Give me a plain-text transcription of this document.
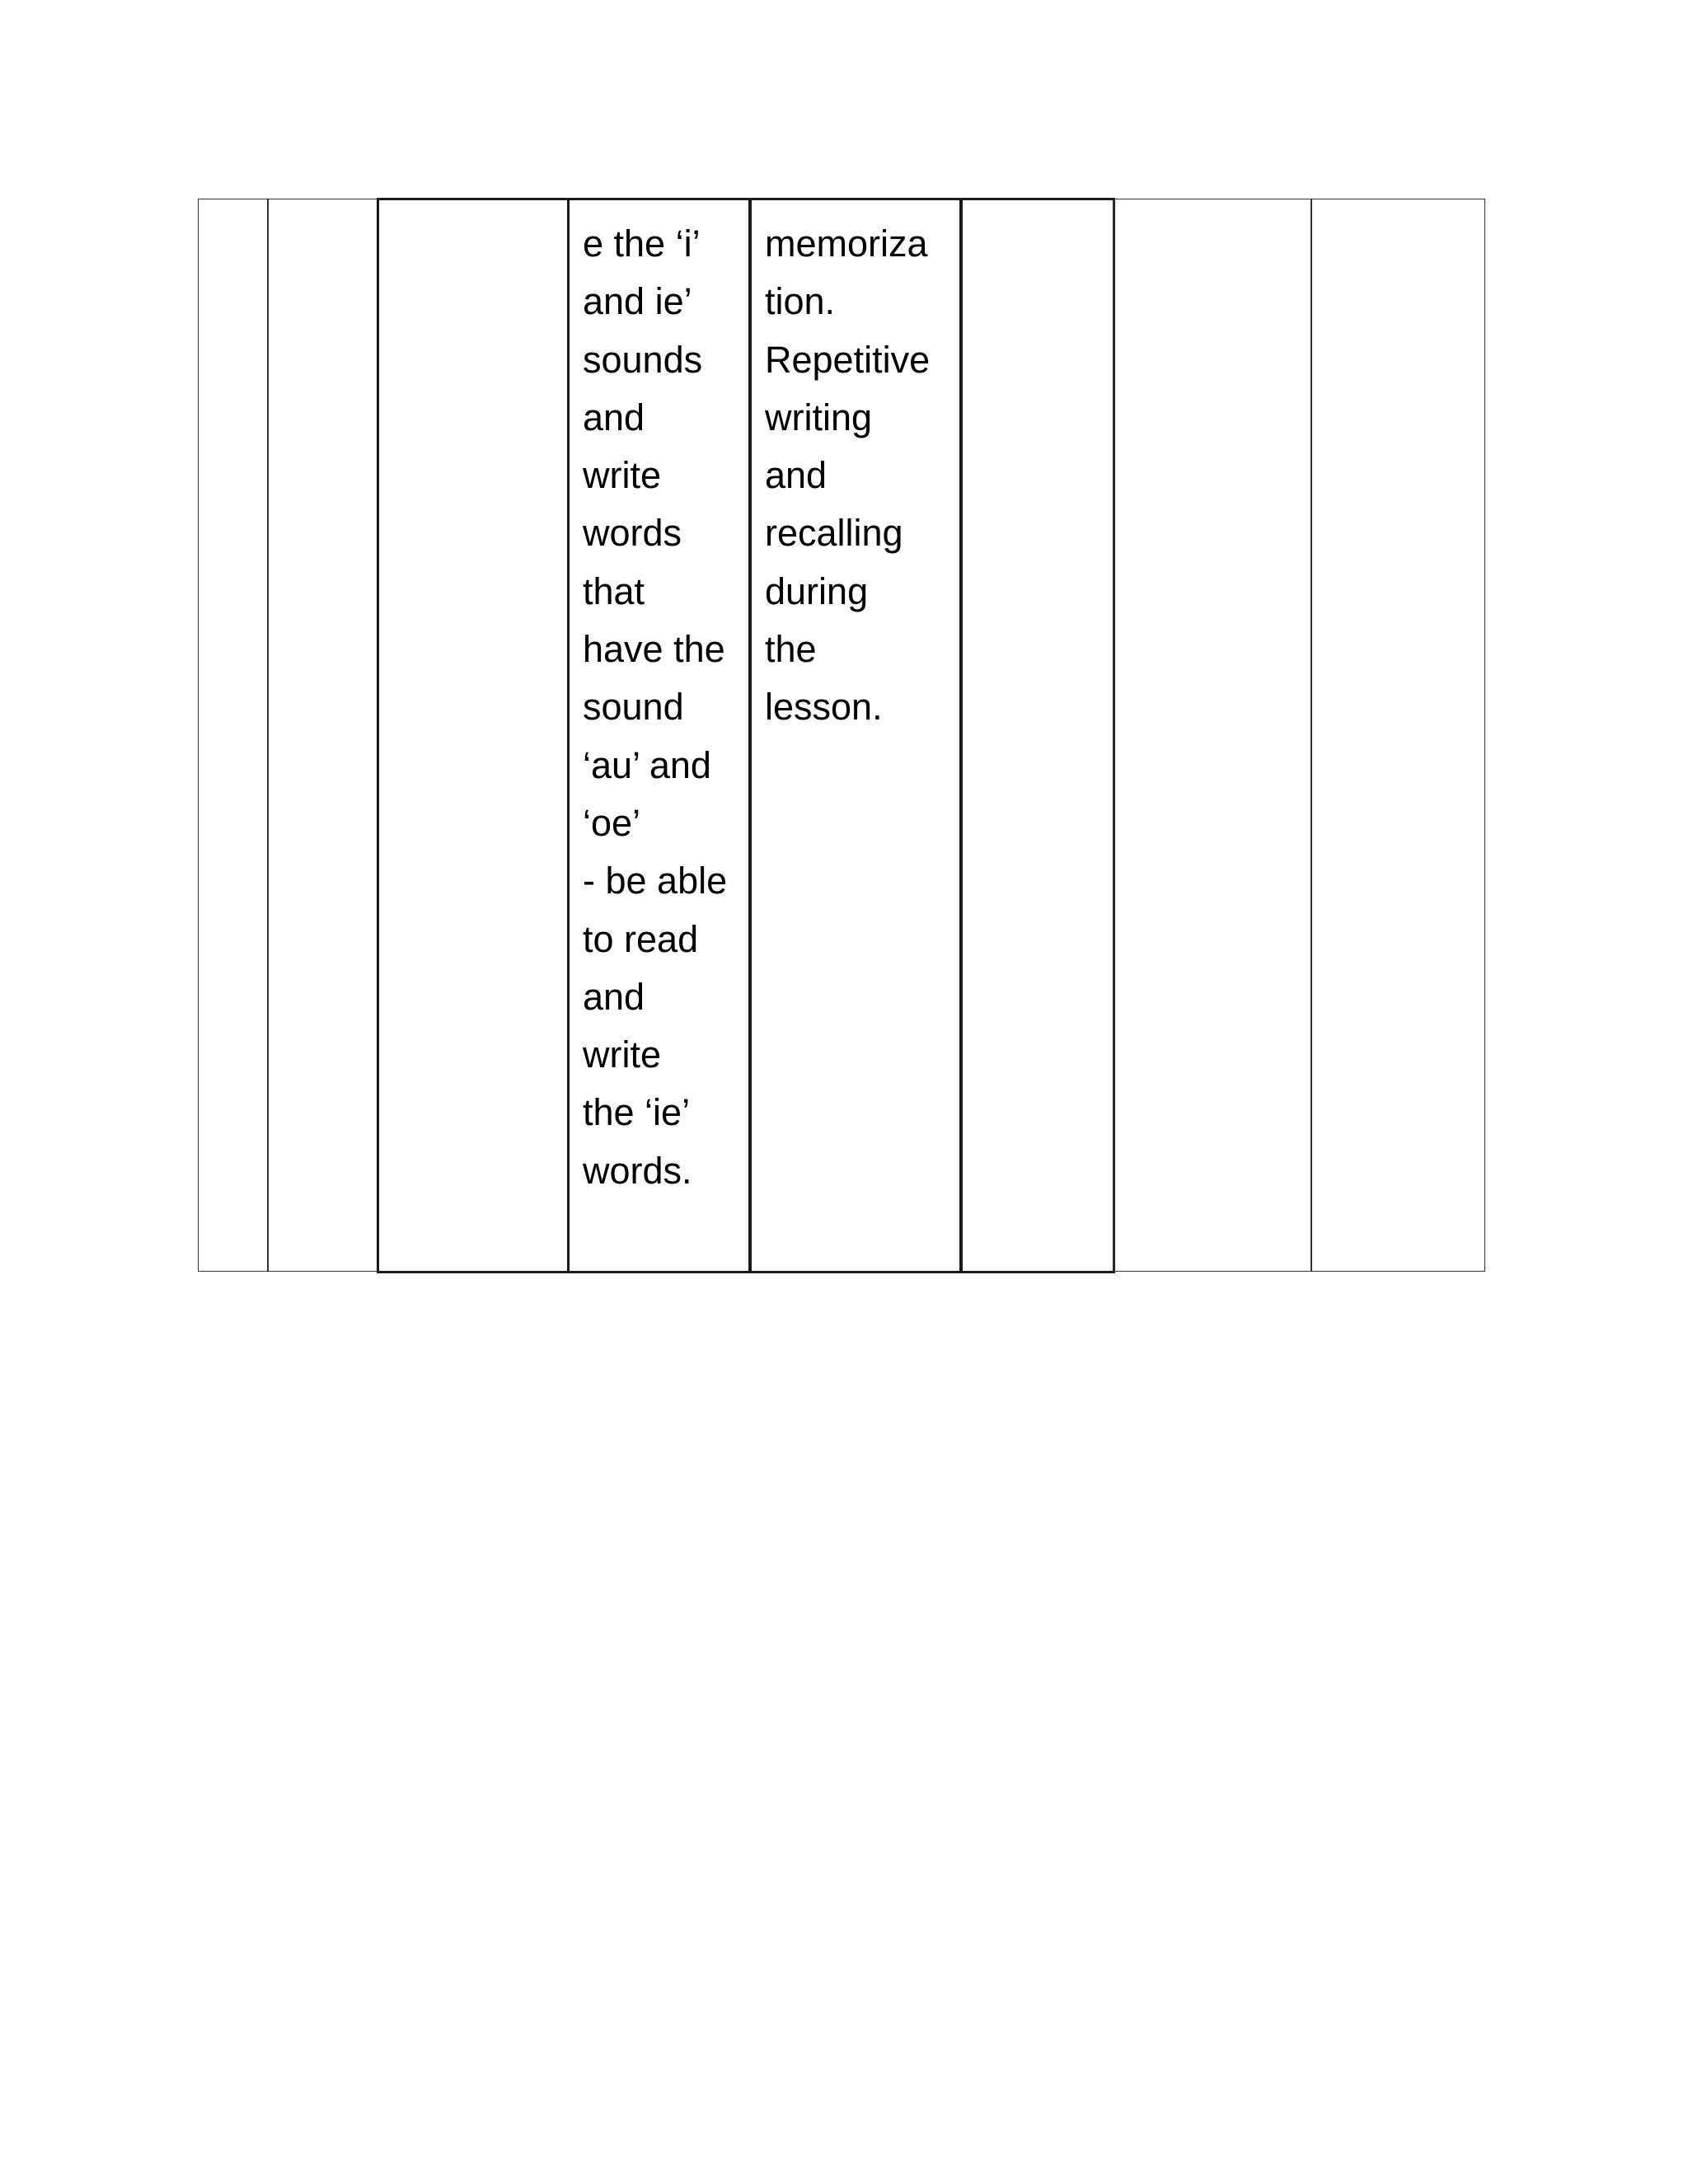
e the ‘i’
and ie’
sounds
and
write
words
that
have the
sound
‘au’ and
‘oe’
- be able
to read
and
write
the ‘ie’
words.

memoriza
tion.
Repetitive
writing
and
recalling
during
the
lesson.
